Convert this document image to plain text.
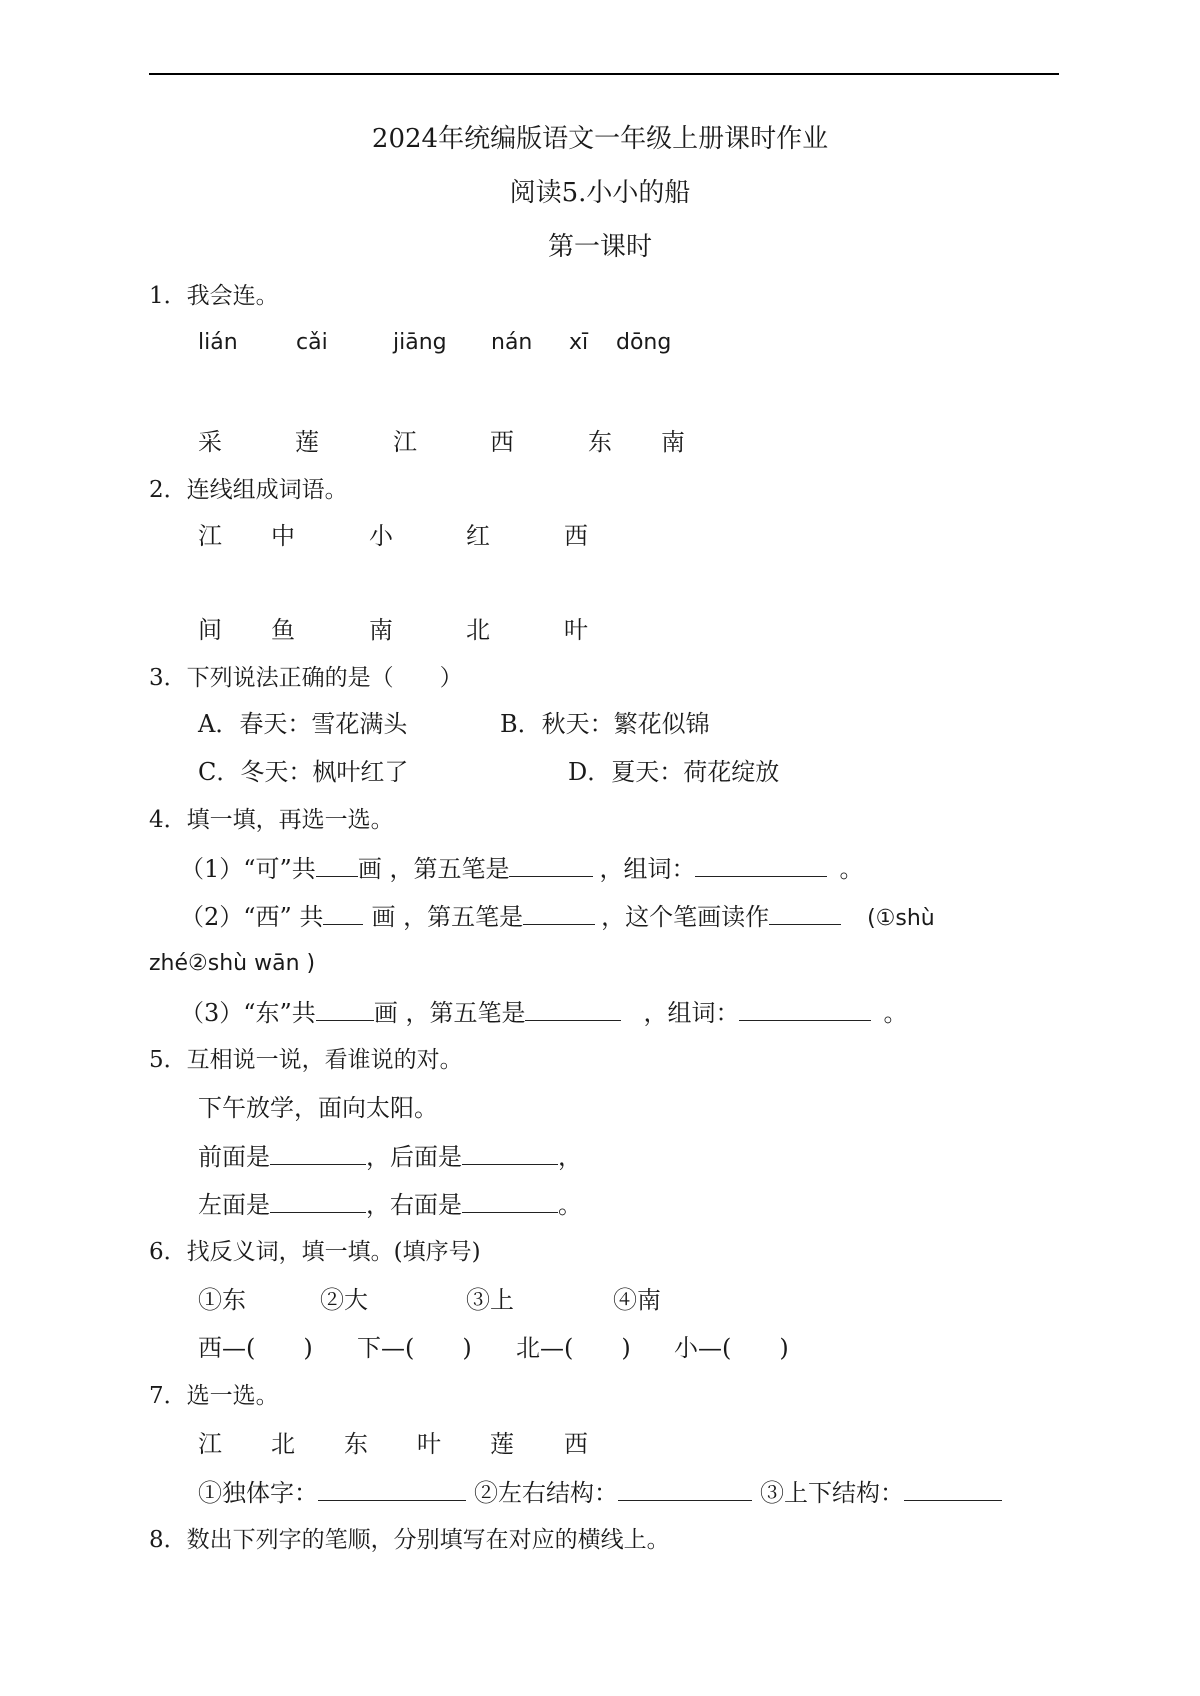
2024年统编版语文一年级上册课时作业
阅读5.小小的船
第一课时
1．我会连。
lián	cǎi	jiāng nán xī dōng
采	莲	江	西	东 南
2．连线组成词语。
江 中	小	红	西
间 鱼	南	北	叶
3．下列说法正确的是（　　）
A．春天：雪花满头	B．秋天：繁花似锦
C．冬天：枫叶红了	D．夏天：荷花绽放
4．填一填，再选一选。
（1）“可”共 画 ，第五笔是	，组词：	。
（2）“西” 共 画 ，第五笔是	，这个笔画读作	(①shù
zhé②shù wān )
（3）“东”共 画 ，第五笔是	，组词：	。
5．互相说一说，看谁说的对。
下午放学，面向太阳。
前面是	，后面是	，
左面是	，右面是	。
6．找反义词，填一填。(填序号)
①东	②大	③上	④南
西—(　　) 下—(　　) 北—(　　) 小—(　　)
7．选一选。
江 北 东 叶 莲 西
①独体字：	②左右结构：	③上下结构：
8．数出下列字的笔顺，分别填写在对应的横线上。
